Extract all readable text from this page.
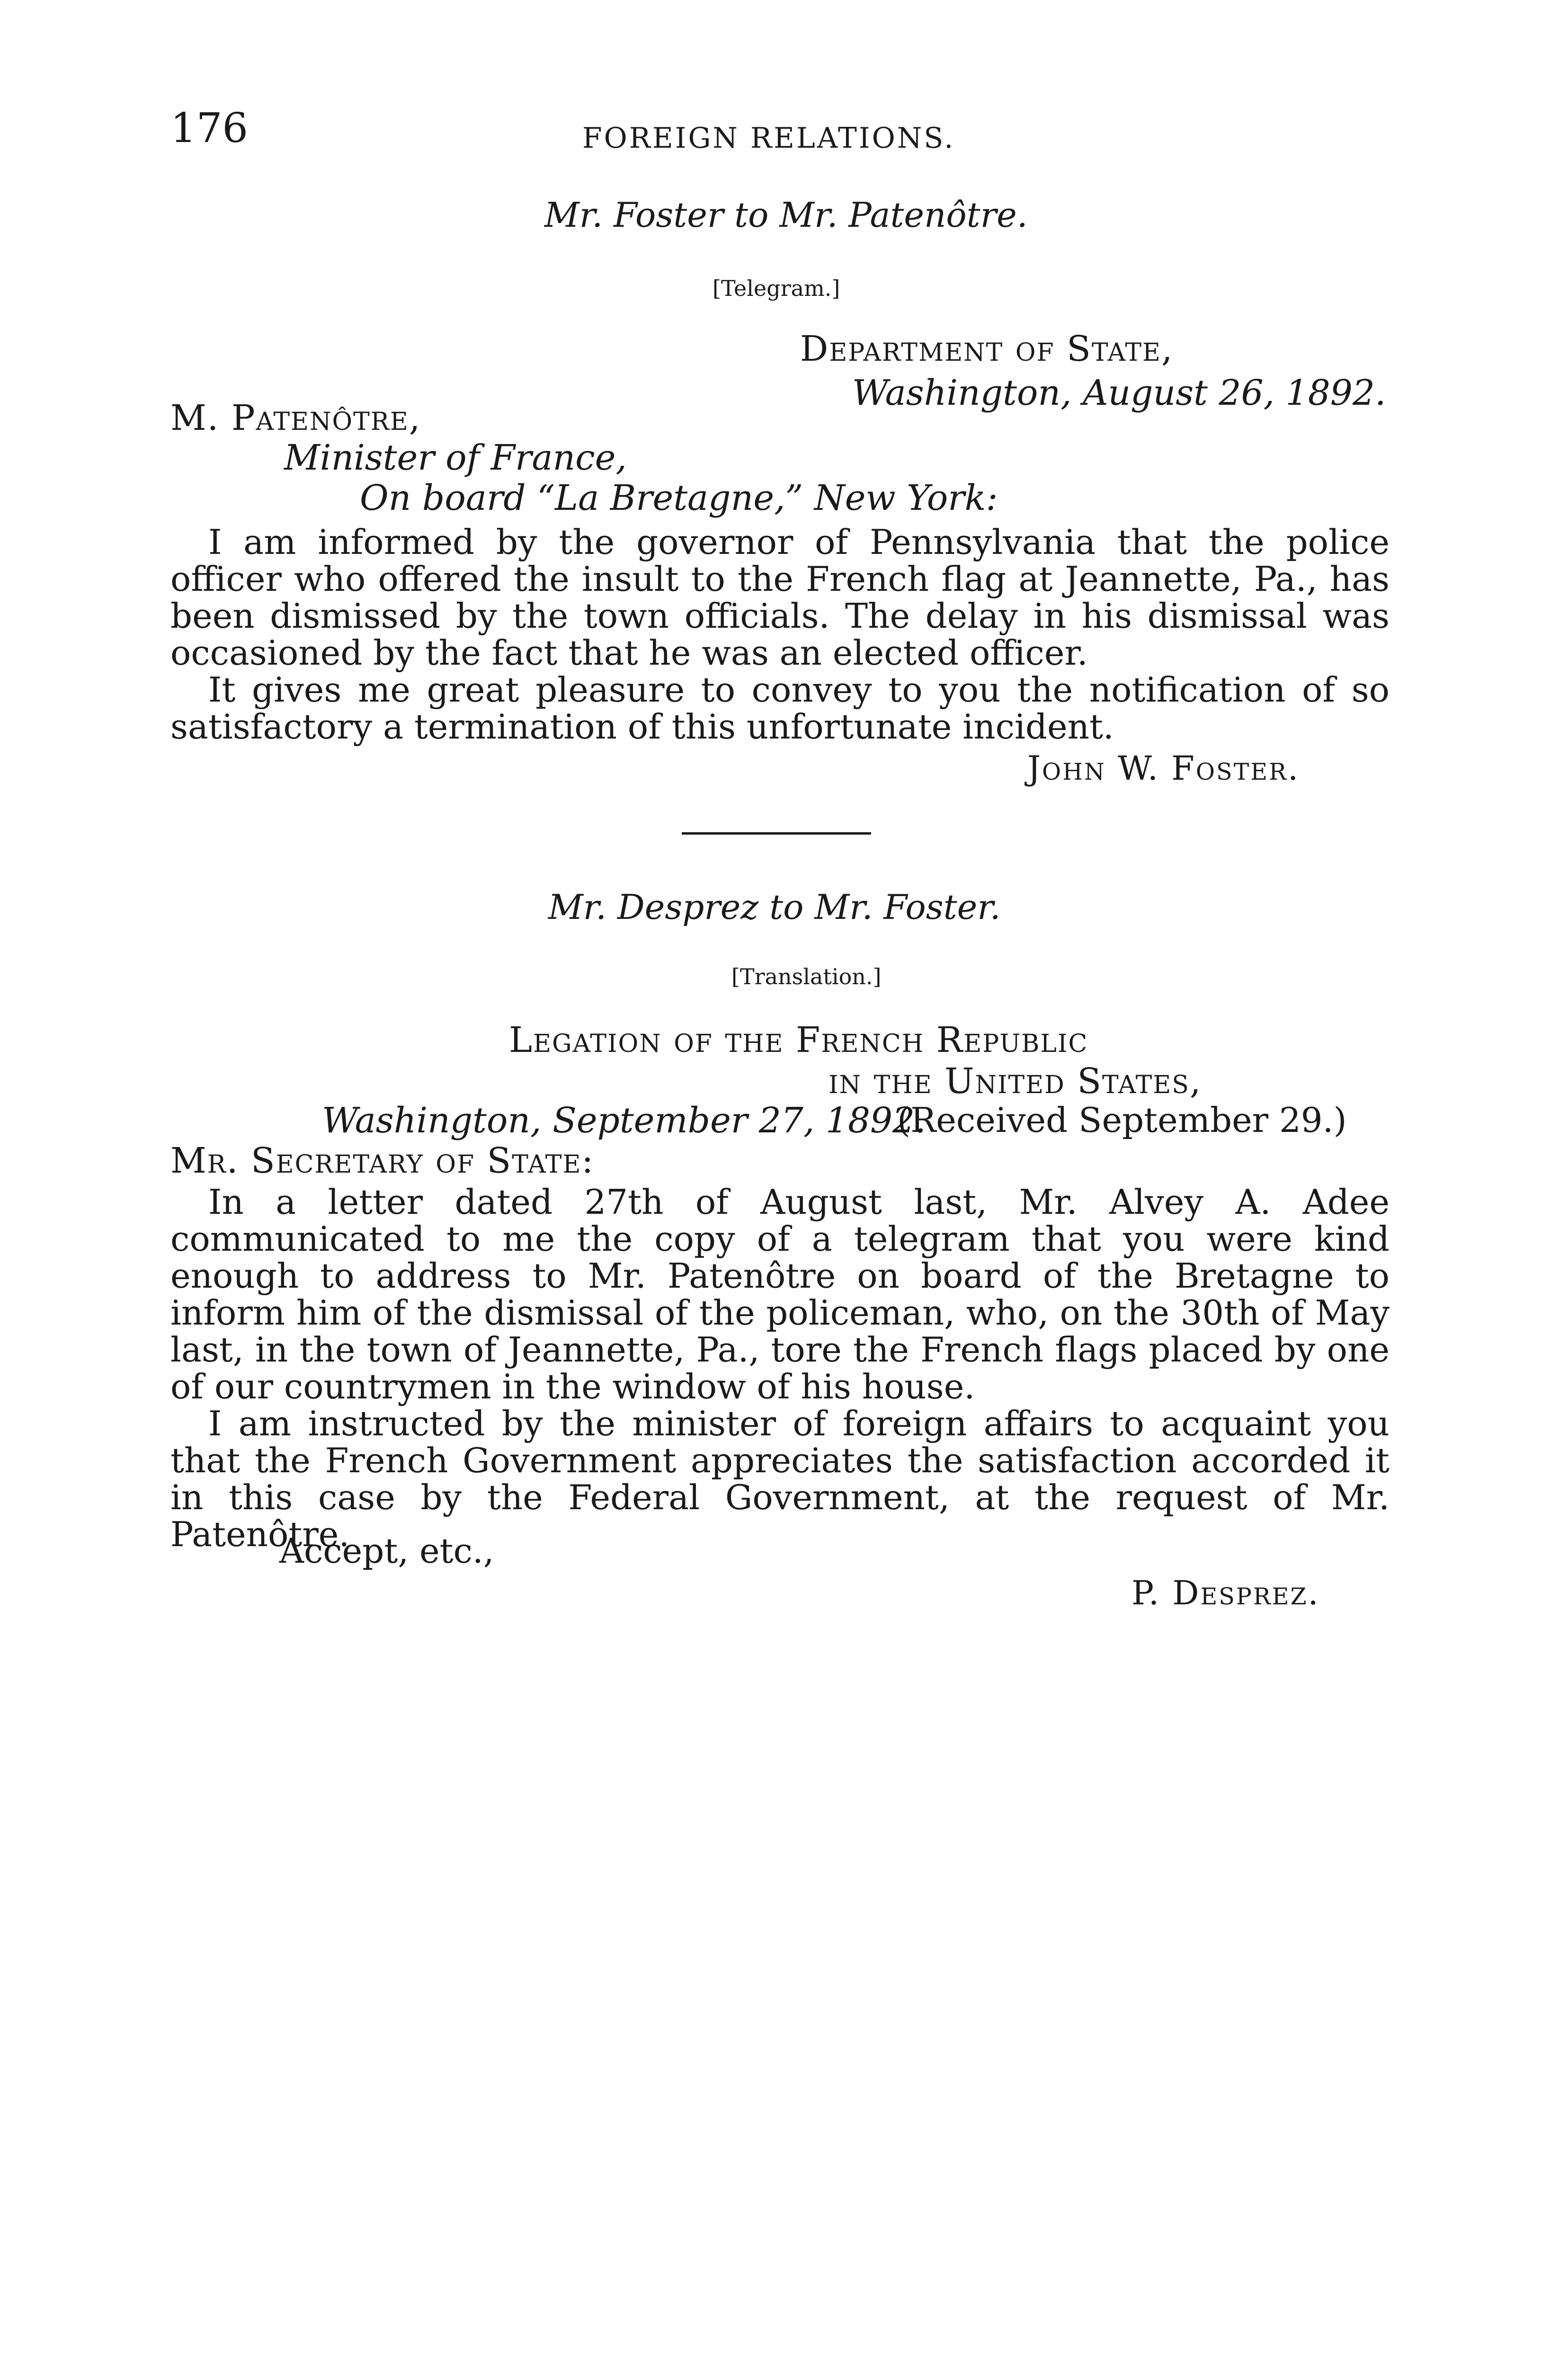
176	FOREIGN RELATIONS.
Mr. Foster to Mr. Patenôtre.
[Telegram.]
Department of State,
Washington, August 26, 1892.
M. Patenôtre,
Minister of France,
On board “La Bretagne,” New York:

I am informed by the governor of Pennsylvania that the police officer who offered the insult to the French flag at Jeannette, Pa., has been dismissed by the town officials. The delay in his dismissal was occasioned by the fact that he was an elected officer.

It gives me great pleasure to convey to you the notification of so satisfactory a termination of this unfortunate incident.

John W. Foster.
Mr. Desprez to Mr. Foster.
[Translation.]
Legation of the French Republic
in the United States,
Washington, September 27, 1892.
(Received September 29.)
Mr. Secretary of State:

In a letter dated 27th of August last, Mr. Alvey A. Adee communicated to me the copy of a telegram that you were kind enough to address to Mr. Patenôtre on board of the Bretagne to inform him of the dismissal of the policeman, who, on the 30th of May last, in the town of Jeannette, Pa., tore the French flags placed by one of our countrymen in the window of his house.

I am instructed by the minister of foreign affairs to acquaint you that the French Government appreciates the satisfaction accorded it in this case by the Federal Government, at the request of Mr. Patenôtre.

Accept, etc.,
P. Desprez.
